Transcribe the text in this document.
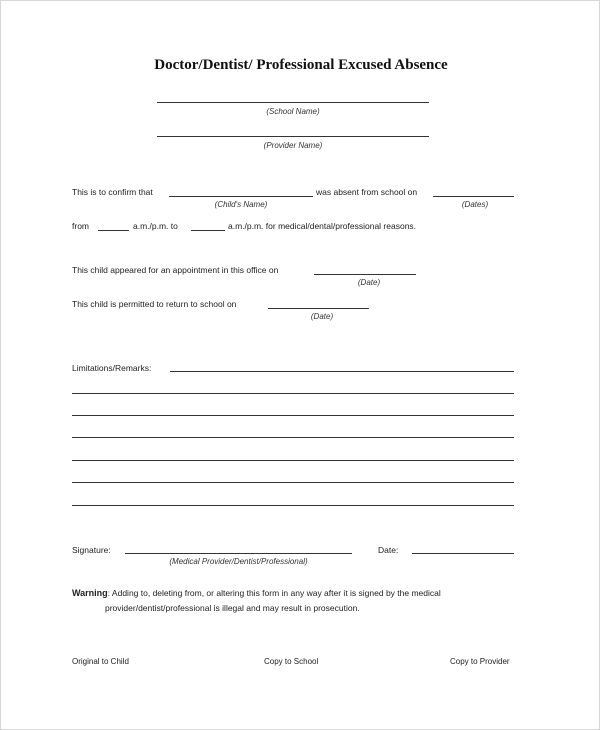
Doctor/Dentist/ Professional Excused Absence
(School Name)
(Provider Name)
This is to confirm that
(Child's Name)
was absent from school on
(Dates)
from	a.m./p.m. to	a.m./p.m. for medical/dental/professional reasons.
This child appeared for an appointment in this office on
(Date)
This child is permitted to return to school on
(Date)
Limitations/Remarks:
Signature:
(Medical Provider/Dentist/Professional)
Date:
Warning: Adding to, deleting from, or altering this form in any way after it is signed by the medical
provider/dentist/professional is illegal and may result in prosecution.
Original to Child	Copy to School	Copy to Provider
